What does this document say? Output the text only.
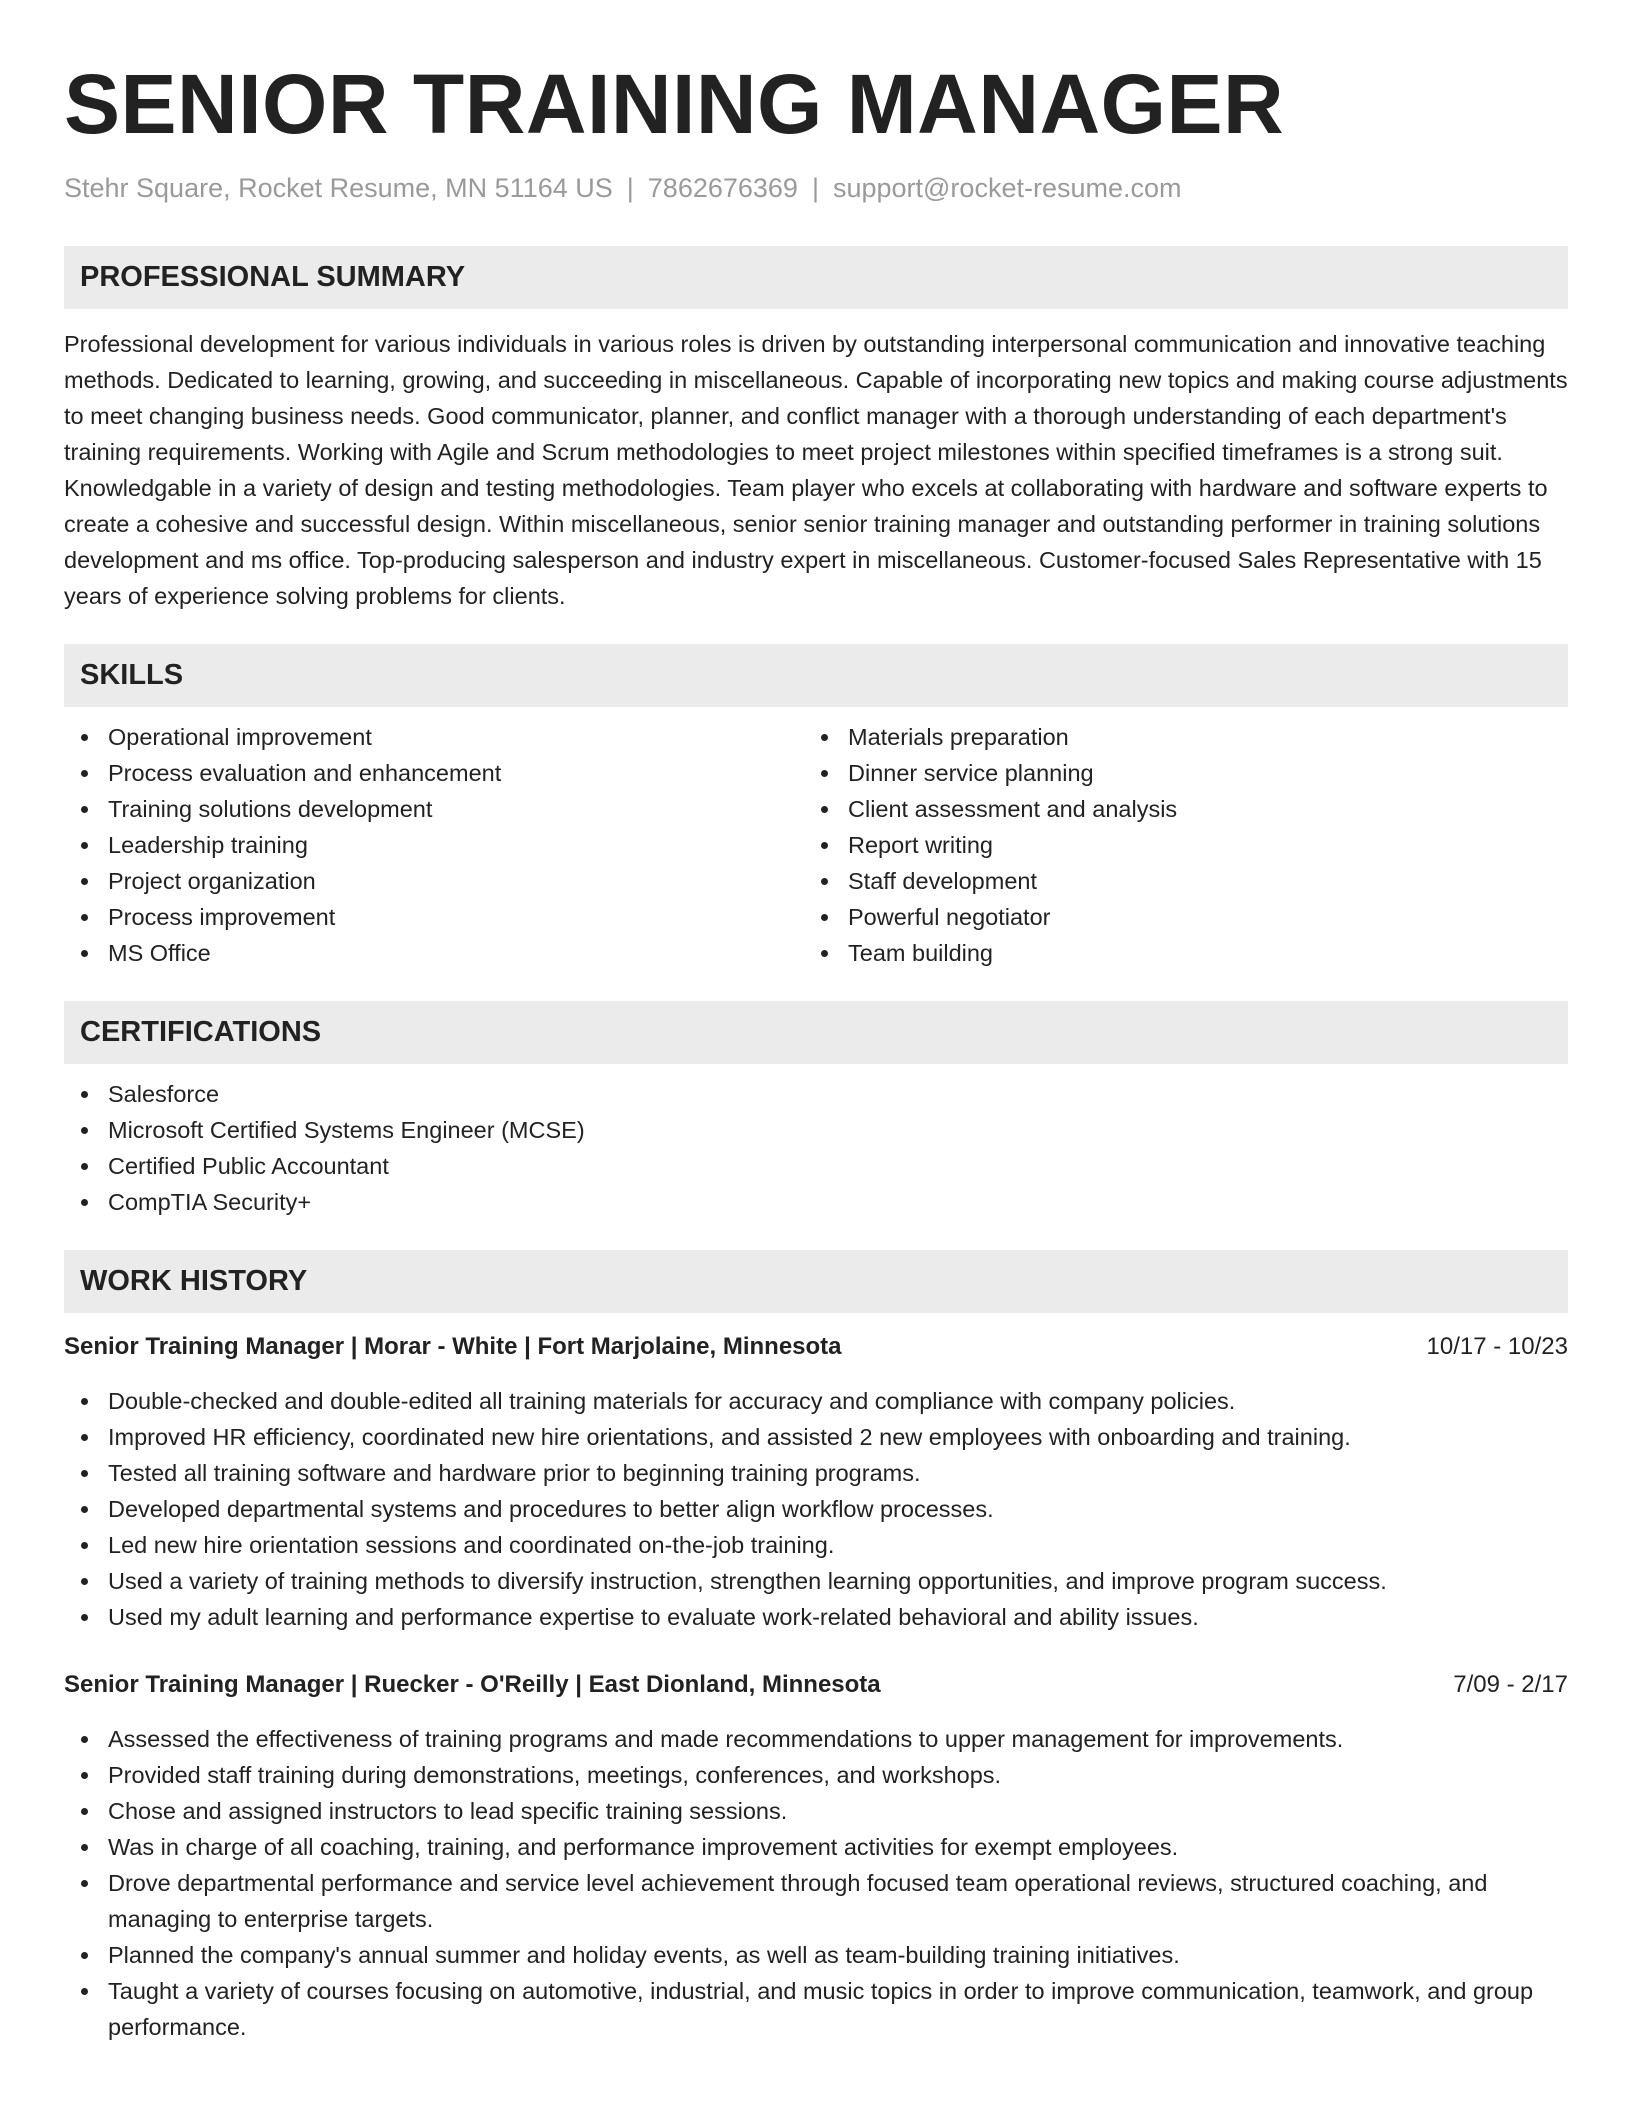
SENIOR TRAINING MANAGER
Stehr Square, Rocket Resume, MN 51164 US | 7862676369 | support@rocket-resume.com
PROFESSIONAL SUMMARY

Professional development for various individuals in various roles is driven by outstanding interpersonal communication and innovative teaching methods. Dedicated to learning, growing, and succeeding in miscellaneous. Capable of incorporating new topics and making course adjustments to meet changing business needs. Good communicator, planner, and conflict manager with a thorough understanding of each department's training requirements. Working with Agile and Scrum methodologies to meet project milestones within specified timeframes is a strong suit. Knowledgable in a variety of design and testing methodologies. Team player who excels at collaborating with hardware and software experts to create a cohesive and successful design. Within miscellaneous, senior senior training manager and outstanding performer in training solutions development and ms office. Top-producing salesperson and industry expert in miscellaneous. Customer-focused Sales Representative with 15 years of experience solving problems for clients.

SKILLS
Operational improvement
Process evaluation and enhancement
Training solutions development
Leadership training
Project organization
Process improvement
MS Office
Materials preparation
Dinner service planning
Client assessment and analysis
Report writing
Staff development
Powerful negotiator
Team building
CERTIFICATIONS
Salesforce
Microsoft Certified Systems Engineer (MCSE)
Certified Public Accountant
CompTIA Security+
WORK HISTORY
Senior Training Manager | Morar - White | Fort Marjolaine, Minnesota	10/17 - 10/23
Double-checked and double-edited all training materials for accuracy and compliance with company policies.
Improved HR efficiency, coordinated new hire orientations, and assisted 2 new employees with onboarding and training.
Tested all training software and hardware prior to beginning training programs.
Developed departmental systems and procedures to better align workflow processes.
Led new hire orientation sessions and coordinated on-the-job training.
Used a variety of training methods to diversify instruction, strengthen learning opportunities, and improve program success.
Used my adult learning and performance expertise to evaluate work-related behavioral and ability issues.
Senior Training Manager | Ruecker - O'Reilly | East Dionland, Minnesota	7/09 - 2/17
Assessed the effectiveness of training programs and made recommendations to upper management for improvements.
Provided staff training during demonstrations, meetings, conferences, and workshops.
Chose and assigned instructors to lead specific training sessions.
Was in charge of all coaching, training, and performance improvement activities for exempt employees.
Drove departmental performance and service level achievement through focused team operational reviews, structured coaching, and managing to enterprise targets.
Planned the company's annual summer and holiday events, as well as team-building training initiatives.
Taught a variety of courses focusing on automotive, industrial, and music topics in order to improve communication, teamwork, and group performance.
